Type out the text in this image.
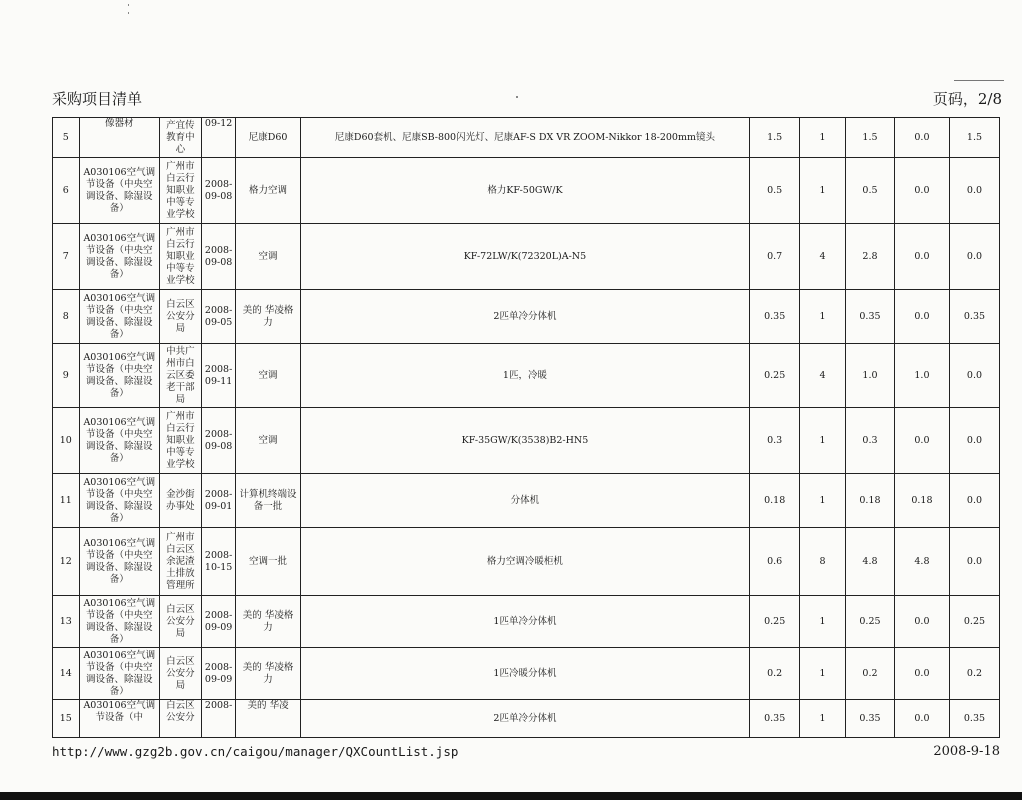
采购项目清单	页码，2/8
5	像器材	产宜传教育中心	09-12	尼康D60	尼康D60套机、尼康SB-800闪光灯、尼康AF-S DX VR ZOOM-Nikkor 18-200mm镜头	1.5	1	1.5	0.0	1.5
6	A030106空气调节设备（中央空调设备、除湿设备）	广州市白云行知职业中等专业学校	2008-09-08	格力空调	格力KF-50GW/K	0.5	1	0.5	0.0	0.0
7	A030106空气调节设备（中央空调设备、除湿设备）	广州市白云行知职业中等专业学校	2008-09-08	空调	KF-72LW/K(72320L)A-N5	0.7	4	2.8	0.0	0.0
8	A030106空气调节设备（中央空调设备、除湿设备）	白云区公安分局	2008-09-05	美的 华凌格力	2匹单冷分体机	0.35	1	0.35	0.0	0.35
9	A030106空气调节设备（中央空调设备、除湿设备）	中共广州市白云区委老干部局	2008-09-11	空调	1匹，冷暖	0.25	4	1.0	1.0	0.0
10	A030106空气调节设备（中央空调设备、除湿设备）	广州市白云行知职业中等专业学校	2008-09-08	空调	KF-35GW/K(3538)B2-HN5	0.3	1	0.3	0.0	0.0
11	A030106空气调节设备（中央空调设备、除湿设备）	金沙街办事处	2008-09-01	计算机终端设备一批	分体机	0.18	1	0.18	0.18	0.0
12	A030106空气调节设备（中央空调设备、除湿设备）	广州市白云区余泥渣土排放管理所	2008-10-15	空调一批	格力空调冷暖柜机	0.6	8	4.8	4.8	0.0
13	A030106空气调节设备（中央空调设备、除湿设备）	白云区公安分局	2008-09-09	美的 华凌格力	1匹单冷分体机	0.25	1	0.25	0.0	0.25
14	A030106空气调节设备（中央空调设备、除湿设备）	白云区公安分局	2008-09-09	美的 华凌格力	1匹冷暖分体机	0.2	1	0.2	0.0	0.2
15	A030106空气调节设备（中	白云区公安分	2008-	美的 华凌	2匹单冷分体机	0.35	1	0.35	0.0	0.35
http://www.gzg2b.gov.cn/caigou/manager/QXCountList.jsp	2008-9-18
